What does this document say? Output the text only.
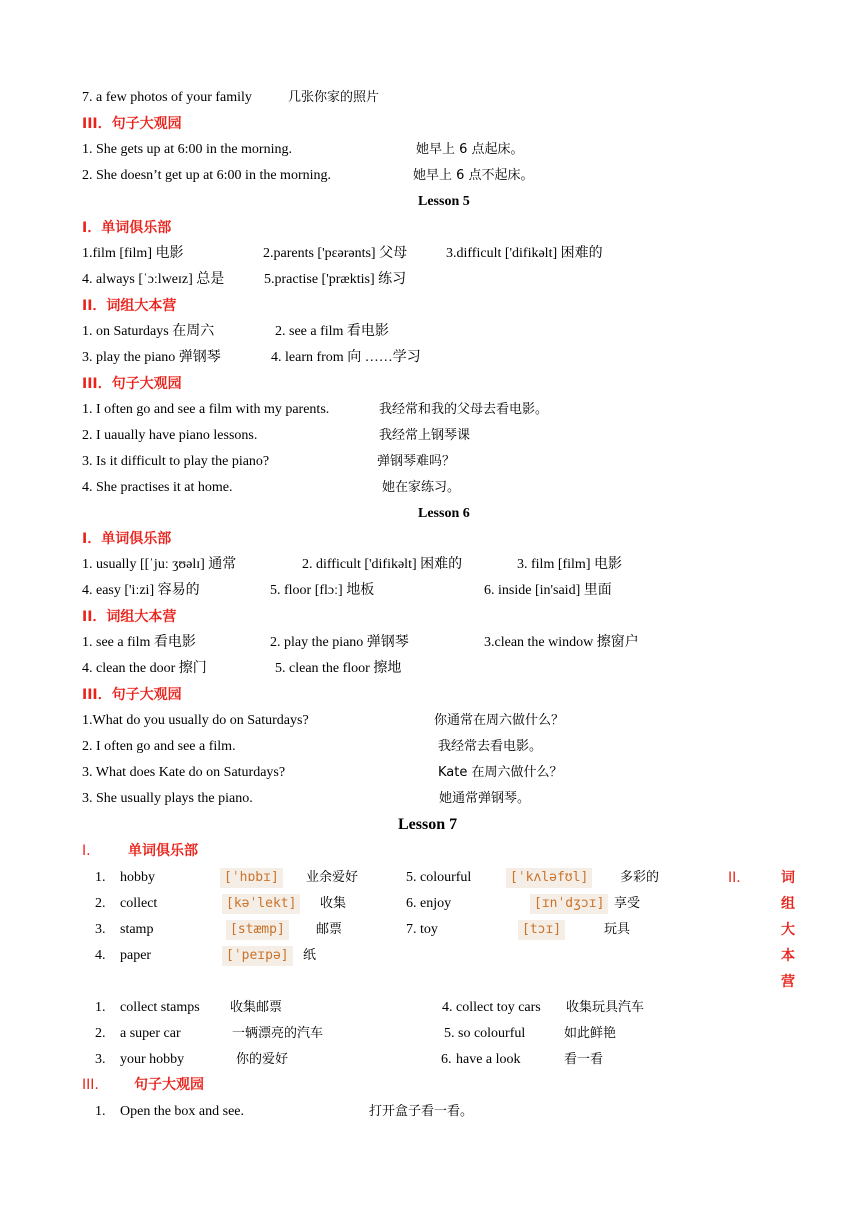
7. a few photos of your family	几张你家的照片
III．句子大观园
1. She gets up at 6:00 in the morning.	她早上 6 点起床。
2. She doesn’t get up at 6:00 in the morning.	她早上 6 点不起床。
Lesson 5
I．单词俱乐部
1.film [film] 电影	2.parents ['pɛərənts] 父母	3.difficult ['difikəlt] 困难的
4. always [ˈɔːlweɪz] 总是	5.practise ['præktis] 练习
II．词组大本营
1. on Saturdays 在周六	2. see a film 看电影
3. play the piano 弹钢琴	4. learn from 向 ……学习
III．句子大观园
1. I often go and see a film with my parents.	我经常和我的父母去看电影。
2. I uaually have piano lessons.	我经常上钢琴课
3. Is it difficult to play the piano?	弹钢琴难吗？
4. She practises it at home.	她在家练习。
Lesson 6
I．单词俱乐部
1. usually [[ˈjuː ʒʊəlɪ] 通常	2. difficult ['difikəlt] 困难的	3. film [film] 电影
4. easy ['iːzi] 容易的	5. floor [flɔː] 地板	6. inside [in'said] 里面
II．词组大本营
1. see a film 看电影	2. play the piano 弹钢琴	3.clean the window 擦窗户
4. clean the door 擦门	5. clean the floor 擦地
III．句子大观园
1.What do you usually do on Saturdays?	你通常在周六做什么？
2. I often go and see a film.	我经常去看电影。
3. What does Kate do on Saturdays?	Kate 在周六做什么？
3. She usually plays the piano.	她通常弹钢琴。
Lesson 7
I.	单词俱乐部
1. hobby	[ˈhɒbɪ]	业余爱好
2. collect	[kəˈlekt]	收集
3. stamp	[stæmp]	邮票
4. paper	[ˈpeɪpə]	纸
5. colourful	[ˈkʌləfʊl]	多彩的
6. enjoy	[ɪnˈdʒɔɪ] 享受
7. toy	[tɔɪ]	玩具
II.	词
组
大
本
营
1. collect stamps 收集邮票
2. a super car	一辆漂亮的汽车
3. your hobby	你的爱好
4. collect toy cars 收集玩具汽车
5. so colourful	如此鲜艳
6. have a look	看一看
III.	句子大观园
1. Open the box and see.	打开盒子看一看。
